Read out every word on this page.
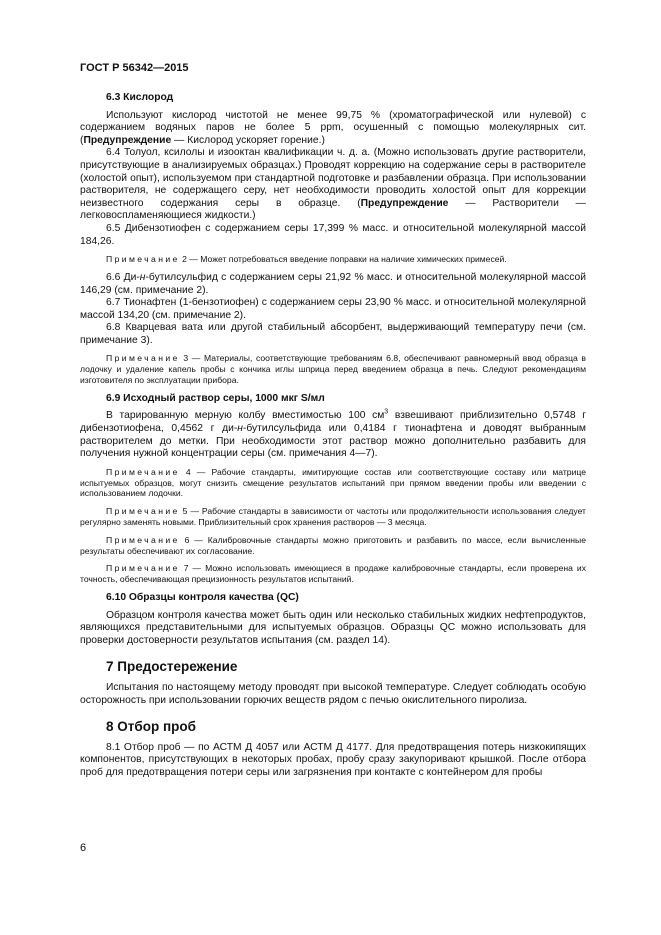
ГОСТ Р 56342—2015
6.3 Кислород

Используют кислород чистотой не менее 99,75 % (хроматографической или нулевой) с содержанием водяных паров не более 5 ppm, осушенный с помощью молекулярных сит. (Предупреждение — Кислород ускоряет горение.)

6.4 Толуол, ксилолы и изооктан квалификации ч. д. а. (Можно использовать другие растворители, присутствующие в анализируемых образцах.) Проводят коррекцию на содержание серы в растворителе (холостой опыт), используемом при стандартной подготовке и разбавлении образца. При использовании растворителя, не содержащего серу, нет необходимости проводить холостой опыт для коррекции неизвестного содержания серы в образце. (Предупреждение — Растворители — легковоспламеняющиеся жидкости.)

6.5 Дибензотиофен с содержанием серы 17,399 % масс. и относительной молекулярной массой 184,26.

Примечание 2 — Может потребоваться введение поправки на наличие химических примесей.

6.6 Ди-н-бутилсульфид с содержанием серы 21,92 % масс. и относительной молекулярной массой 146,29 (см. примечание 2).

6.7 Тионафтен (1-бензотиофен) с содержанием серы 23,90 % масс. и относительной молекулярной массой 134,20 (см. примечание 2).

6.8 Кварцевая вата или другой стабильный абсорбент, выдерживающий температуру печи (см. примечание 3).

Примечание 3 — Материалы, соответствующие требованиям 6.8, обеспечивают равномерный ввод образца в лодочку и удаление капель пробы с кончика иглы шприца перед введением образца в печь. Следуют рекомендациям изготовителя по эксплуатации прибора.

6.9 Исходный раствор серы, 1000 мкг S/мл

В тарированную мерную колбу вместимостью 100 $см^3$ взвешивают приблизительно 0,5748 г дибензотиофена, 0,4562 г ди-н-бутилсульфида или 0,4184 г тионафтена и доводят выбранным растворителем до метки. При необходимости этот раствор можно дополнительно разбавить для получения нужной концентрации серы (см. примечания 4—7).

Примечание 4 — Рабочие стандарты, имитирующие состав или соответствующие составу или матрице испытуемых образцов, могут снизить смещение результатов испытаний при прямом введении пробы или введении с использованием лодочки.

Примечание 5 — Рабочие стандарты в зависимости от частоты или продолжительности использования следует регулярно заменять новыми. Приблизительный срок хранения растворов — 3 месяца.

Примечание 6 — Калибровочные стандарты можно приготовить и разбавить по массе, если вычисленные результаты обеспечивают их согласование.

Примечание 7 — Можно использовать имеющиеся в продаже калибровочные стандарты, если проверена их точность, обеспечивающая прецизионность результатов испытаний.

6.10 Образцы контроля качества (QC)

Образцом контроля качества может быть один или несколько стабильных жидких нефтепродуктов, являющихся представительными для испытуемых образцов. Образцы QC можно использовать для проверки достоверности результатов испытания (см. раздел 14).

7 Предостережение

Испытания по настоящему методу проводят при высокой температуре. Следует соблюдать особую осторожность при использовании горючих веществ рядом с печью окислительного пиролиза.

8 Отбор проб

8.1 Отбор проб — по АСТМ Д 4057 или АСТМ Д 4177. Для предотвращения потерь низкокипящих компонентов, присутствующих в некоторых пробах, пробу сразу закупоривают крышкой. После отбора проб для предотвращения потери серы или загрязнения при контакте с контейнером для пробы

6
